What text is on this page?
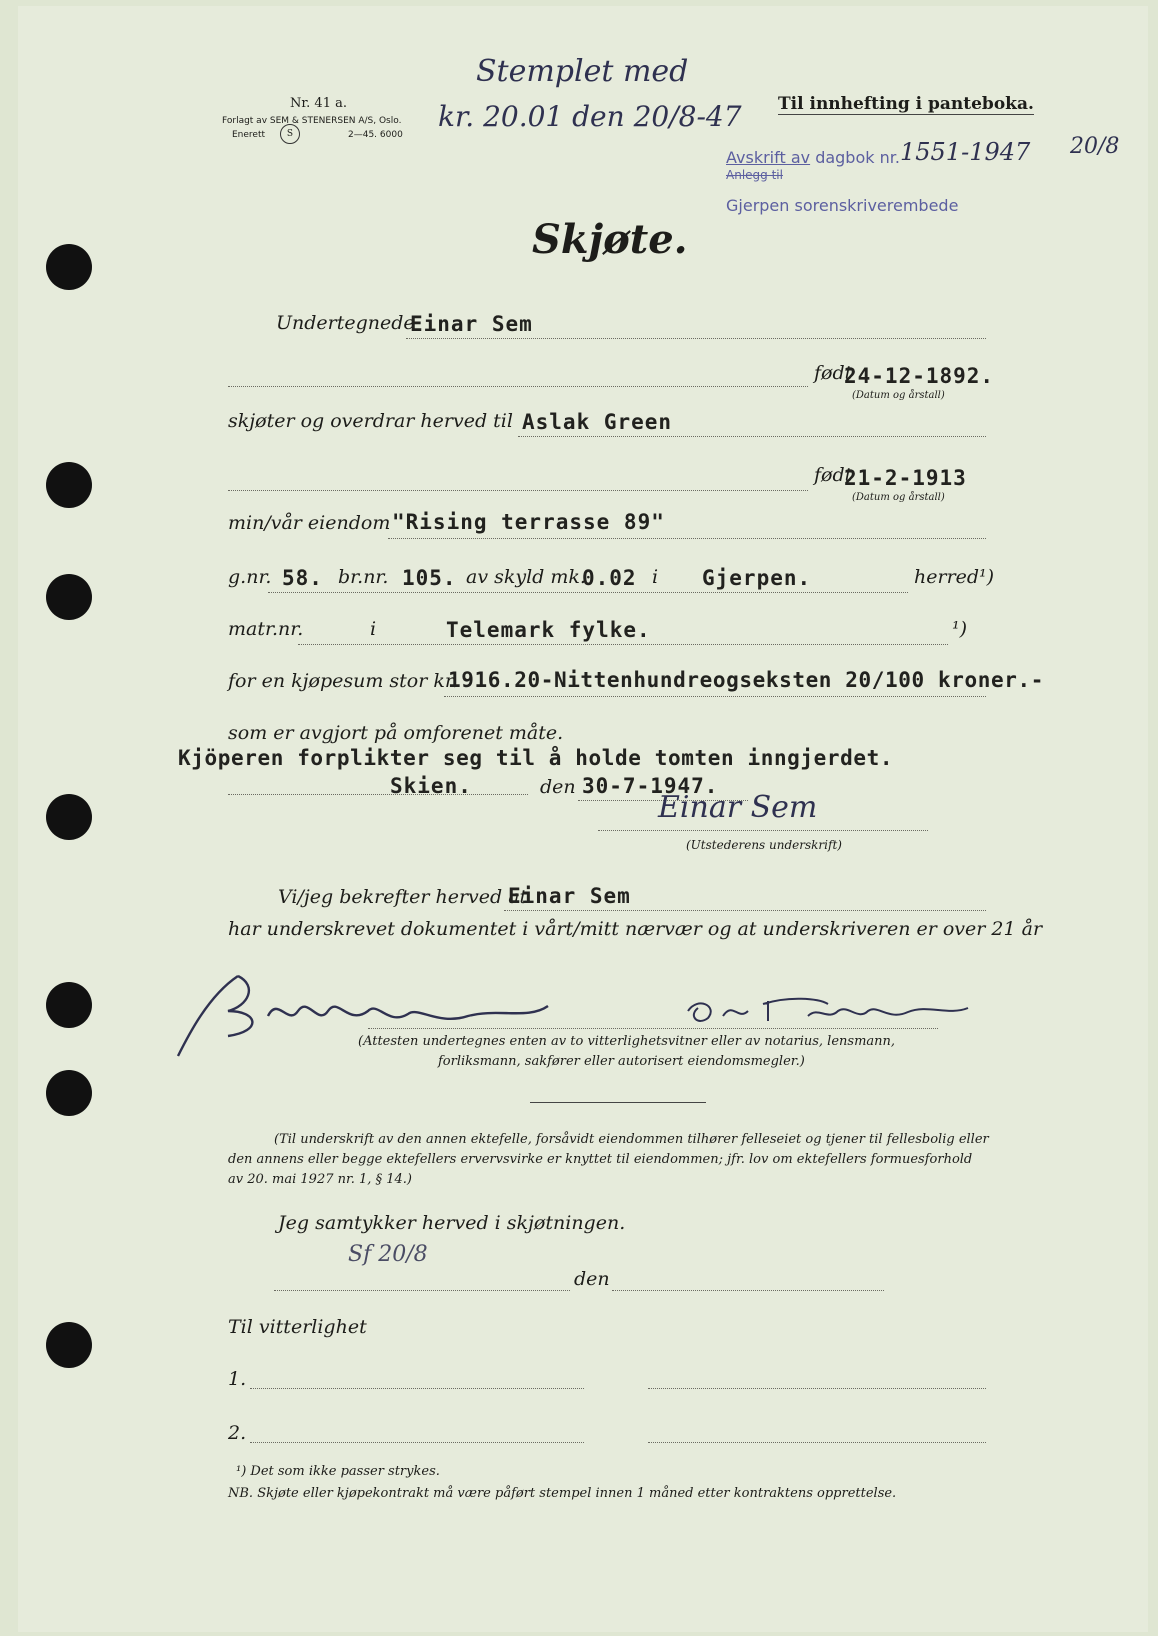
Nr. 41 a.
Forlagt av SEM & STENERSEN A/S, Oslo.
Enerett	S	2—45. 6000
Stemplet med
kr. 20.01 den 20/8-47 Til innhefting i panteboka.
Avskrift av dagbok nr. 1551-1947 20/8
Anlegg til
Gjerpen sorenskriverembede
Skjøte.
Undertegnede
Einar Sem
født
24-12-1892.
(Datum og årstall)
skjøter og overdrar herved til Aslak Green
født
21-2-1913
(Datum og årstall)
min/vår eiendom "Rising terrasse 89"
g.nr. 58. br.nr. 105. av skyld mk.
0.02 i Gjerpen.	herred¹)
matr.nr.	i	Telemark fylke.	¹)
for en kjøpesum stor kr.
1916.20-Nittenhundreogseksten 20/100 kroner.-
som er avgjort på omforenet måte.
Kjöperen forplikter seg til å holde tomten inngjerdet.
Skien.	den 30-7-1947.
Einar Sem
(Utstederens underskrift)
Vi/jeg bekrefter herved at
Einar Sem
har underskrevet dokumentet i vårt/mitt nærvær og at underskriveren er over 21 år
(Attesten undertegnes enten av to vitterlighetsvitner eller av notarius, lensmann,
forliksmann, sakfører eller autorisert eiendomsmegler.)
(Til underskrift av den annen ektefelle, forsåvidt eiendommen tilhører felleseiet og tjener til fellesbolig eller
den annens eller begge ektefellers ervervsvirke er knyttet til eiendommen; jfr. lov om ektefellers formuesforhold
av 20. mai 1927 nr. 1, § 14.)
Jeg samtykker herved i skjøtningen.
Sf 20/8
den
Til vitterlighet
1.
2.
¹) Det som ikke passer strykes.
NB. Skjøte eller kjøpekontrakt må være påført stempel innen 1 måned etter kontraktens opprettelse.
